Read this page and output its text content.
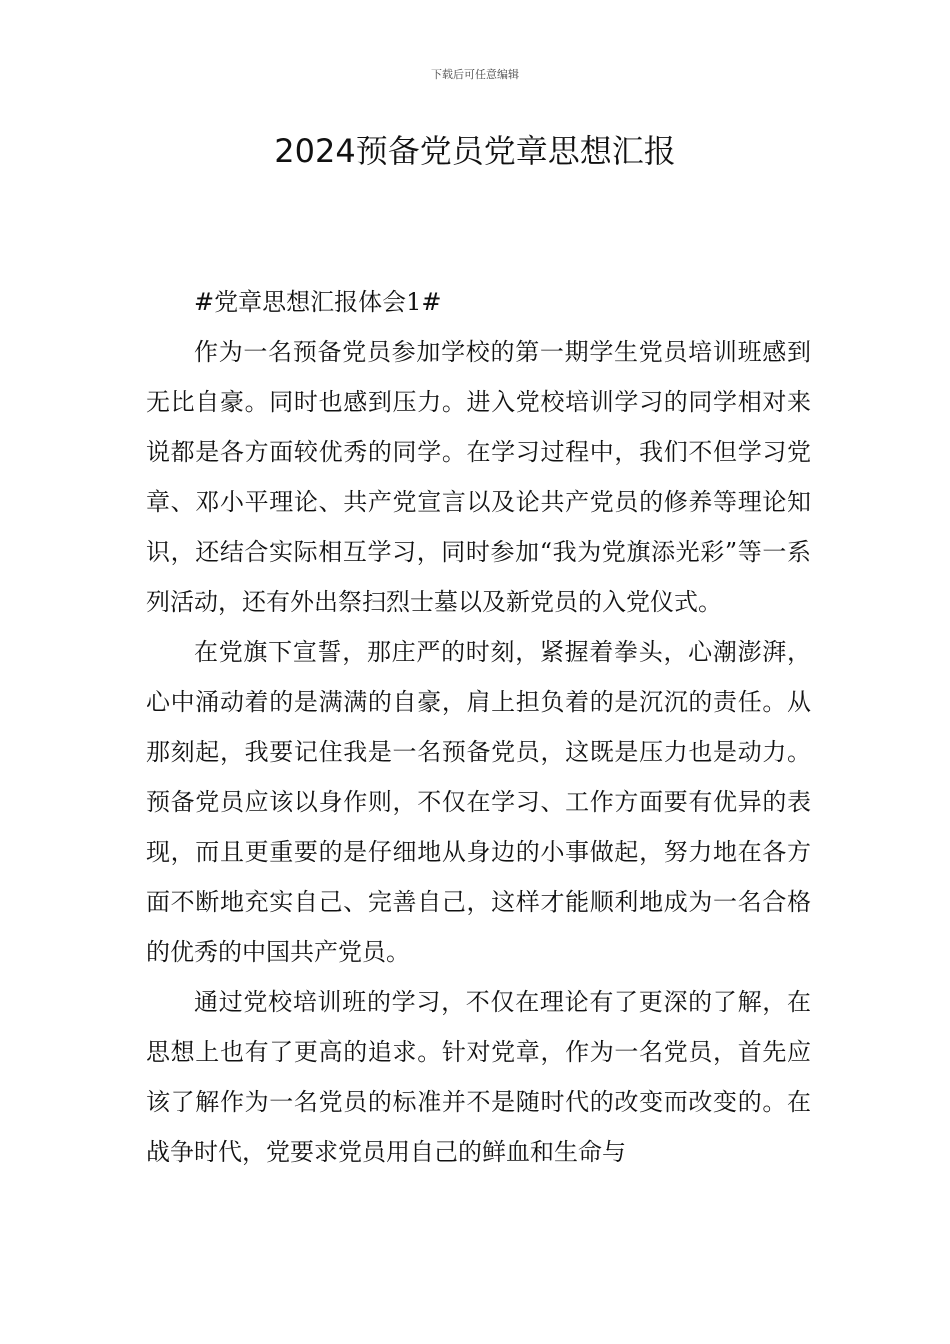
下载后可任意编辑
2024预备党员党章思想汇报

#党章思想汇报体会1#

作为一名预备党员参加学校的第一期学生党员培训班感到无比自豪。同时也感到压力。进入党校培训学习的同学相对来说都是各方面较优秀的同学。在学习过程中，我们不但学习党章、邓小平理论、共产党宣言以及论共产党员的修养等理论知识，还结合实际相互学习，同时参加“我为党旗添光彩”等一系列活动，还有外出祭扫烈士墓以及新党员的入党仪式。

在党旗下宣誓，那庄严的时刻，紧握着拳头，心潮澎湃，心中涌动着的是满满的自豪，肩上担负着的是沉沉的责任。从那刻起，我要记住我是一名预备党员，这既是压力也是动力。预备党员应该以身作则，不仅在学习、工作方面要有优异的表现，而且更重要的是仔细地从身边的小事做起，努力地在各方面不断地充实自己、完善自己，这样才能顺利地成为一名合格的优秀的中国共产党员。

通过党校培训班的学习，不仅在理论有了更深的了解，在思想上也有了更高的追求。针对党章，作为一名党员，首先应该了解作为一名党员的标准并不是随时代的改变而改变的。在战争时代，党要求党员用自己的鲜血和生命与
